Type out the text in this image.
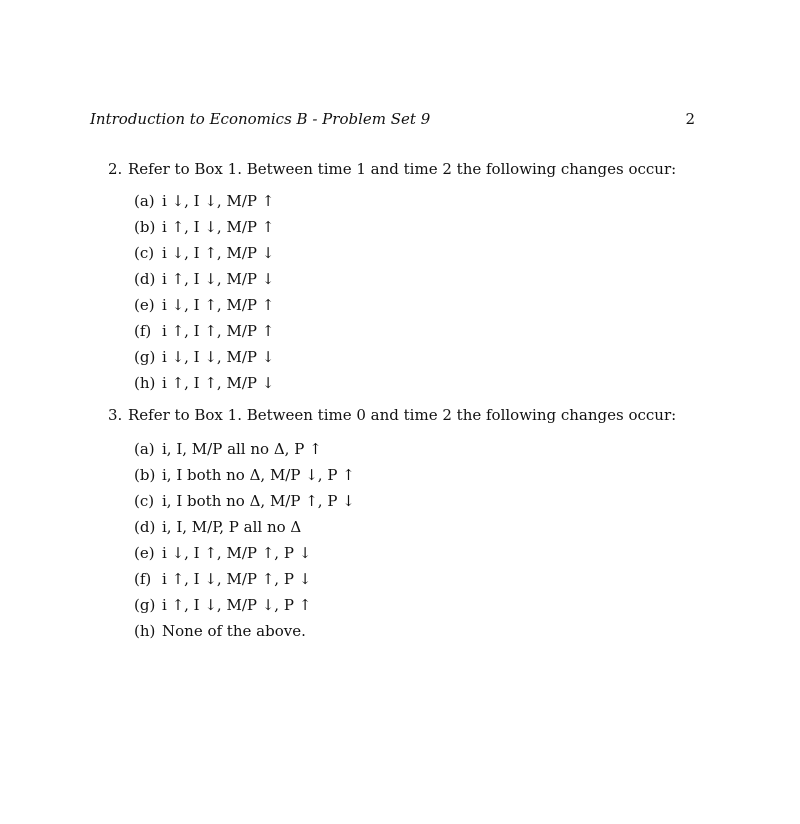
Introduction to Economics B - Problem Set 9	2
2. Refer to Box 1. Between time 1 and time 2 the following changes occur:
(a) i ↓, I ↓, M/P ↑
(b) i ↑, I ↓, M/P ↑
(c) i ↓, I ↑, M/P ↓
(d) i ↑, I ↓, M/P ↓
(e) i ↓, I ↑, M/P ↑
(f) i ↑, I ↑, M/P ↑
(g) i ↓, I ↓, M/P ↓
(h) i ↑, I ↑, M/P ↓
3. Refer to Box 1. Between time 0 and time 2 the following changes occur:
(a) i, I, M/P all no Δ, P ↑
(b) i, I both no Δ, M/P ↓, P ↑
(c) i, I both no Δ, M/P ↑, P ↓
(d) i, I, M/P, P all no Δ
(e) i ↓, I ↑, M/P ↑, P ↓
(f) i ↑, I ↓, M/P ↑, P ↓
(g) i ↑, I ↓, M/P ↓, P ↑
(h) None of the above.
